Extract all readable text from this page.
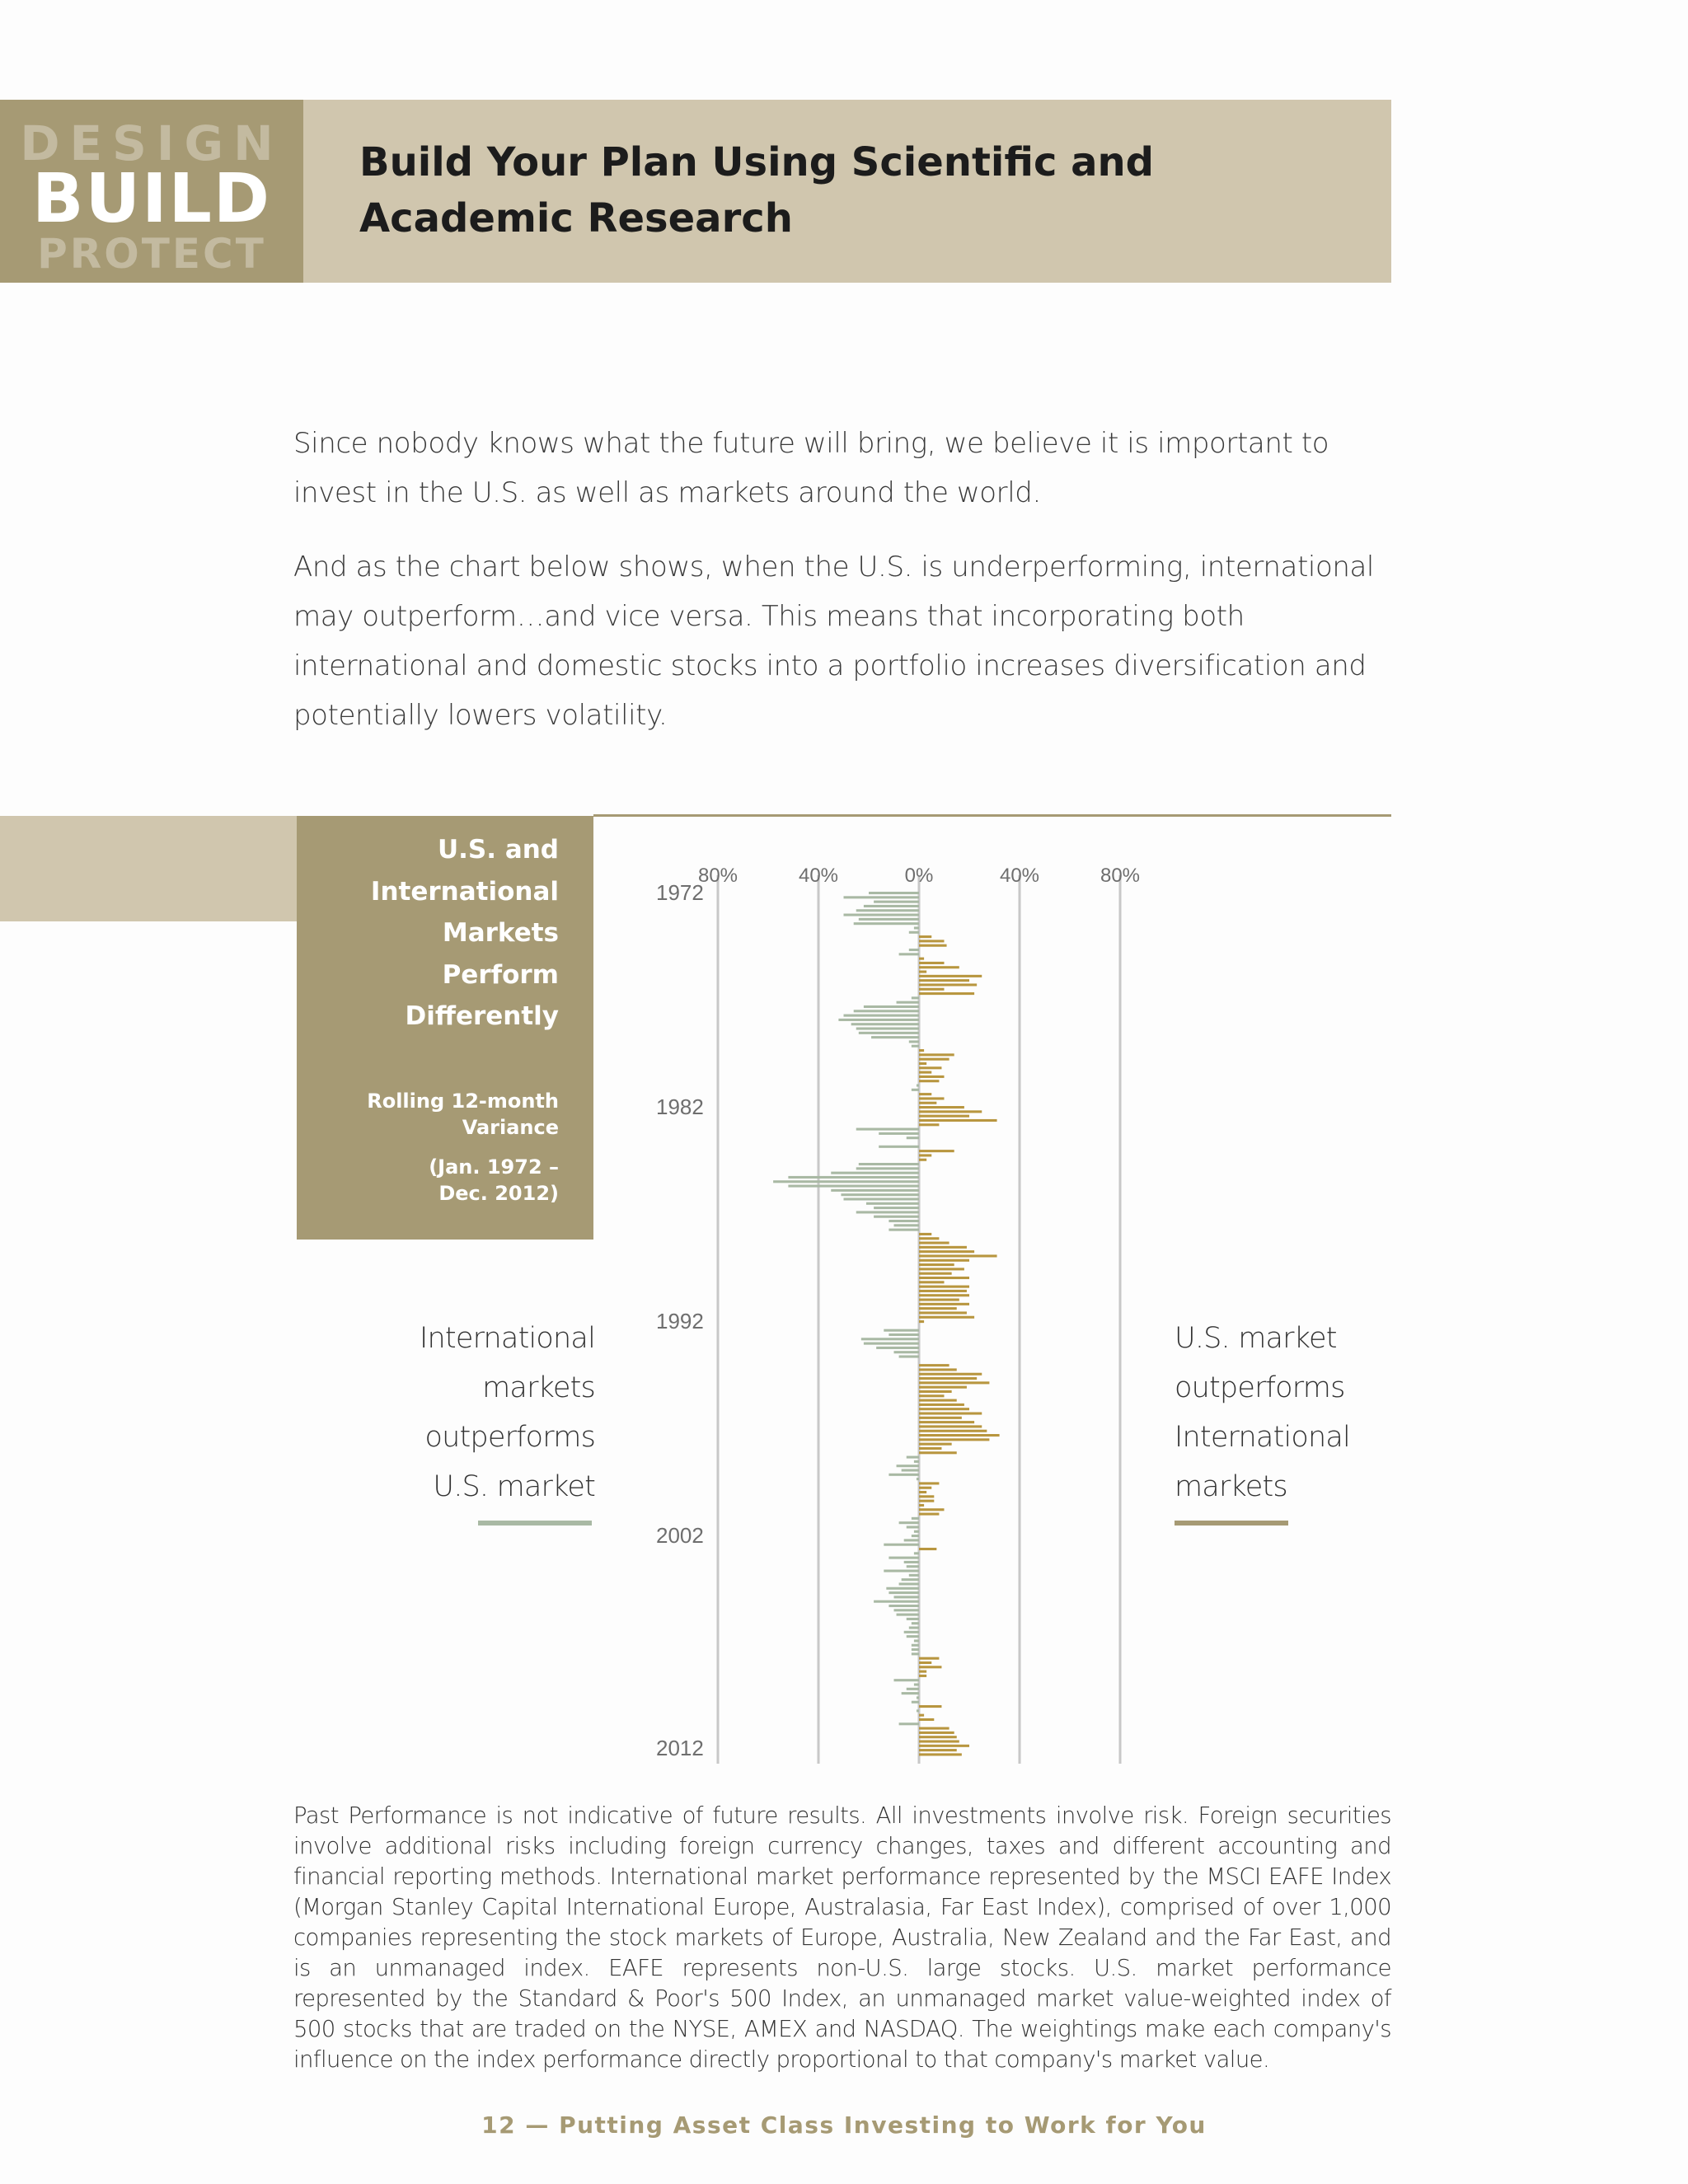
DESIGN
BUILD
PROTECT
Build Your Plan Using Scientific and
Academic Research

Since nobody knows what the future will bring, we believe it is important to invest in the U.S. as well as markets around the world.

And as the chart below shows, when the U.S. is underperforming, international may outperform…and vice versa. This means that incorporating both international and domestic stocks into a portfolio increases diversification and potentially lowers volatility.

U.S. and
International
Markets
Perform
Differently
Rolling 12-month
Variance
(Jan. 1972 –
Dec. 2012)
International
markets
outperforms
U.S. market
U.S. market
outperforms
International
markets
80%	40%	0%	40%	80%
1972
1982
1992
2002
2012

Past Performance is not indicative of future results. All investments involve risk. Foreign securities involve additional risks including foreign currency changes, taxes and different accounting and financial reporting methods. International market performance represented by the MSCI EAFE Index (Morgan Stanley Capital International Europe, Australasia, Far East Index), comprised of over 1,000 companies representing the stock markets of Europe, Australia, New Zealand and the Far East, and is an unmanaged index. EAFE represents non-U.S. large stocks. U.S. market performance represented by the Standard & Poor's 500 Index, an unmanaged market value-weighted index of 500 stocks that are traded on the NYSE, AMEX and NASDAQ. The weightings make each company's influence on the index performance directly proportional to that company's market value.

12 — Putting Asset Class Investing to Work for You
